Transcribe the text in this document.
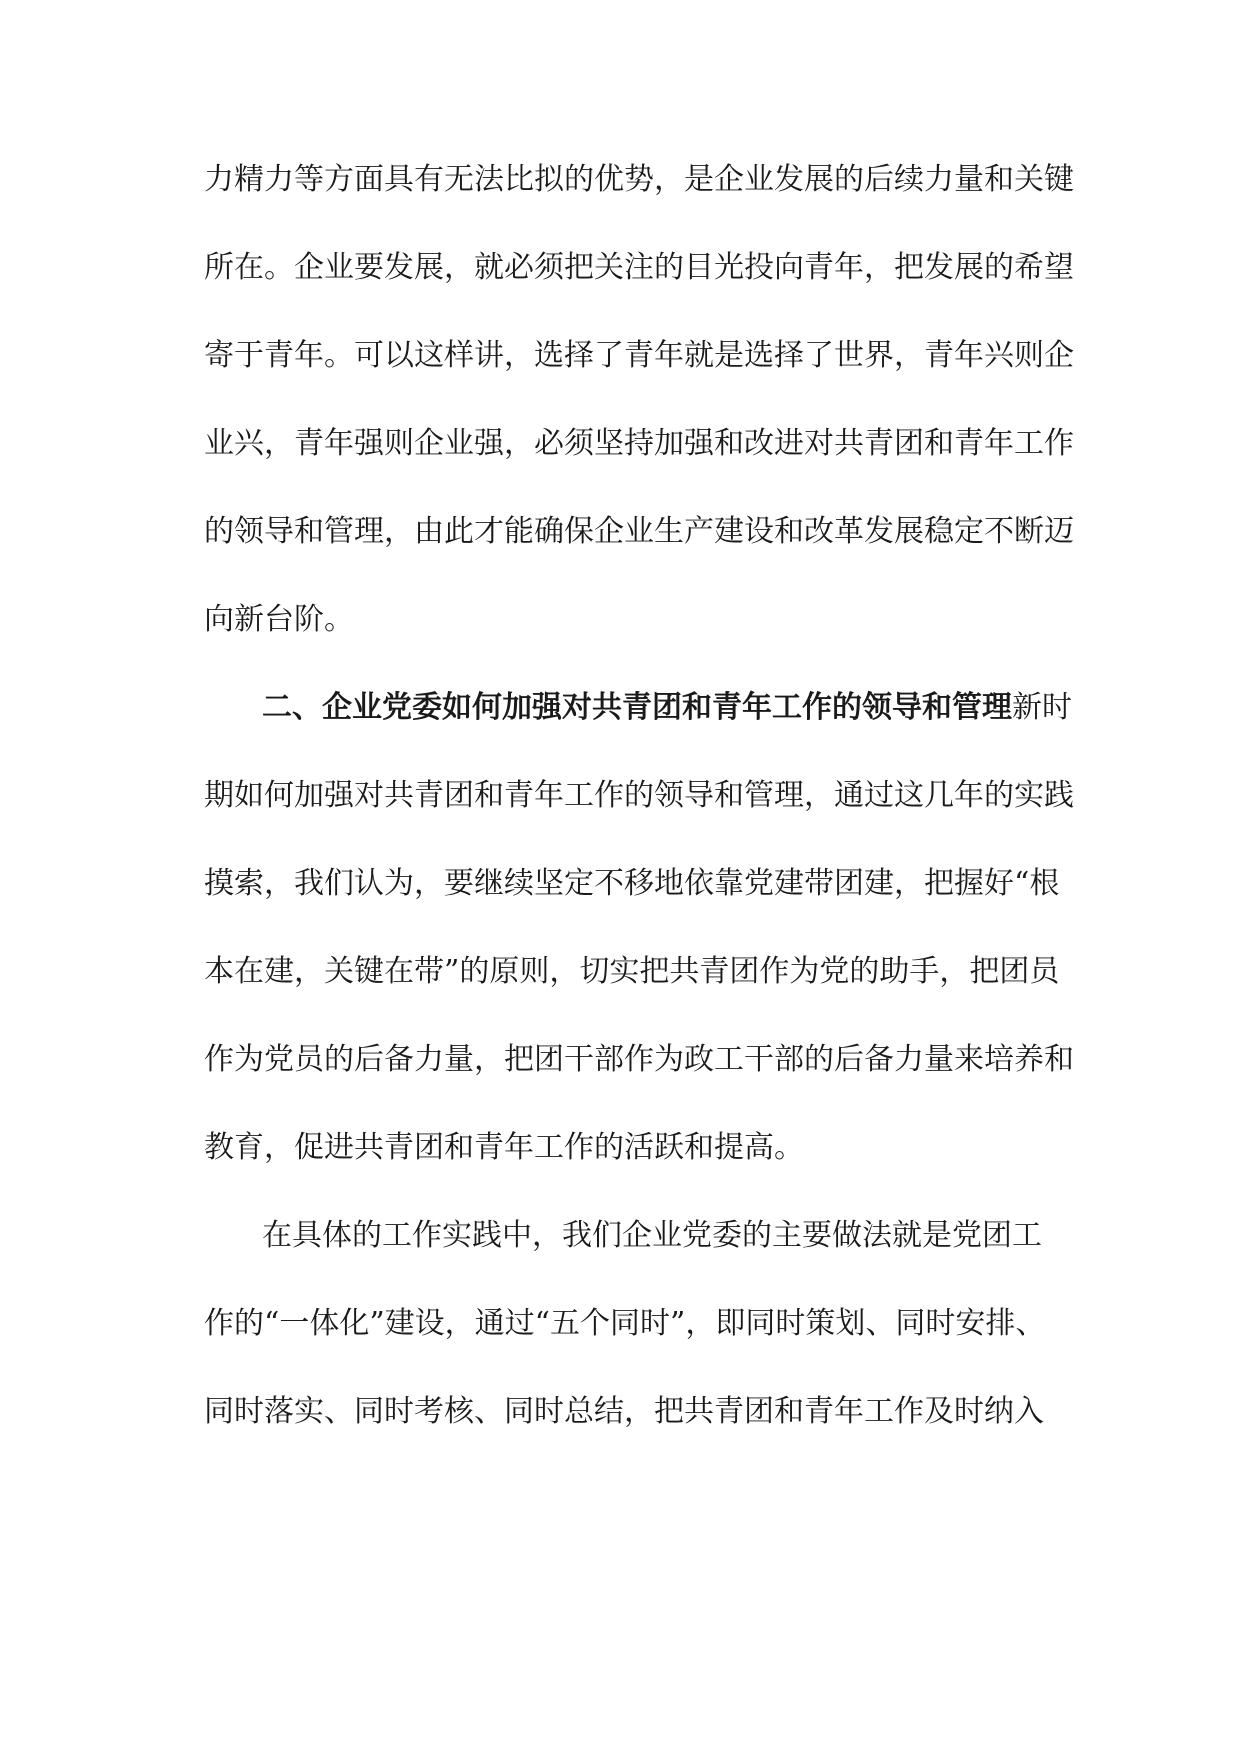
力精力等方面具有无法比拟的优势，是企业发展的后续力量和关键
所在。企业要发展，就必须把关注的目光投向青年，把发展的希望
寄于青年。可以这样讲，选择了青年就是选择了世界，青年兴则企
业兴，青年强则企业强，必须坚持加强和改进对共青团和青年工作
的领导和管理，由此才能确保企业生产建设和改革发展稳定不断迈
向新台阶。
二、企业党委如何加强对共青团和青年工作的领导和管理新时
期如何加强对共青团和青年工作的领导和管理，通过这几年的实践
摸索，我们认为，要继续坚定不移地依靠党建带团建，把握好“根
本在建，关键在带”的原则，切实把共青团作为党的助手，把团员
作为党员的后备力量，把团干部作为政工干部的后备力量来培养和
教育，促进共青团和青年工作的活跃和提高。
在具体的工作实践中，我们企业党委的主要做法就是党团工
作的“一体化”建设，通过“五个同时”，即同时策划、同时安排、
同时落实、同时考核、同时总结，把共青团和青年工作及时纳入
